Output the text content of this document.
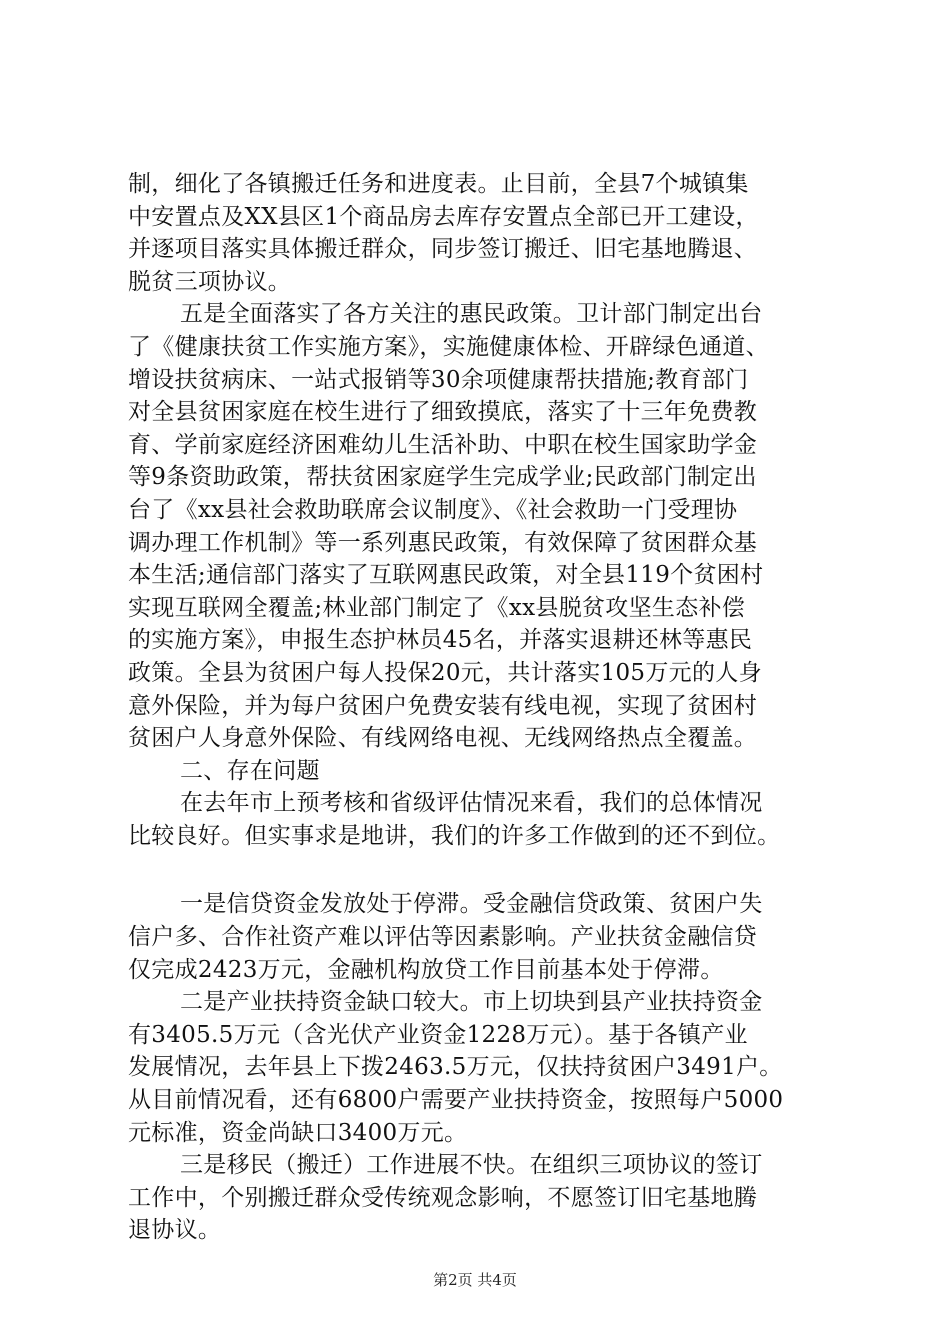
制，细化了各镇搬迁任务和进度表。止目前，全县7个城镇集
中安置点及XX县区1个商品房去库存安置点全部已开工建设，
并逐项目落实具体搬迁群众，同步签订搬迁、旧宅基地腾退、
脱贫三项协议。
五是全面落实了各方关注的惠民政策。卫计部门制定出台
了《健康扶贫工作实施方案》，实施健康体检、开辟绿色通道、
增设扶贫病床、一站式报销等30余项健康帮扶措施;教育部门
对全县贫困家庭在校生进行了细致摸底，落实了十三年免费教
育、学前家庭经济困难幼儿生活补助、中职在校生国家助学金
等9条资助政策，帮扶贫困家庭学生完成学业;民政部门制定出
台了《xx县社会救助联席会议制度》、《社会救助一门受理协
调办理工作机制》等一系列惠民政策，有效保障了贫困群众基
本生活;通信部门落实了互联网惠民政策，对全县119个贫困村
实现互联网全覆盖;林业部门制定了《xx县脱贫攻坚生态补偿
的实施方案》，申报生态护林员45名，并落实退耕还林等惠民
政策。全县为贫困户每人投保20元，共计落实105万元的人身
意外保险，并为每户贫困户免费安装有线电视，实现了贫困村
贫困户人身意外保险、有线网络电视、无线网络热点全覆盖。
二、存在问题
在去年市上预考核和省级评估情况来看，我们的总体情况
比较良好。但实事求是地讲，我们的许多工作做到的还不到位。
一是信贷资金发放处于停滞。受金融信贷政策、贫困户失
信户多、合作社资产难以评估等因素影响。产业扶贫金融信贷
仅完成2423万元，金融机构放贷工作目前基本处于停滞。
二是产业扶持资金缺口较大。市上切块到县产业扶持资金
有3405.5万元（含光伏产业资金1228万元）。基于各镇产业
发展情况，去年县上下拨2463.5万元，仅扶持贫困户3491户。
从目前情况看，还有6800户需要产业扶持资金，按照每户5000
元标准，资金尚缺口3400万元。
三是移民（搬迁）工作进展不快。在组织三项协议的签订
工作中，个别搬迁群众受传统观念影响，不愿签订旧宅基地腾
退协议。
第2页 共4页
